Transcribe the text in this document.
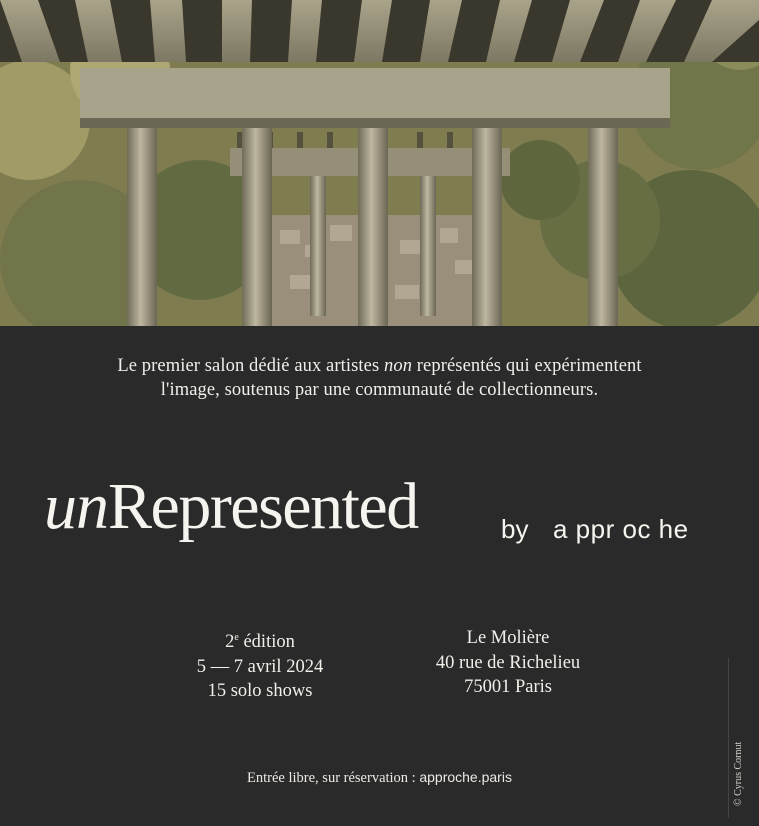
Le premier salon dédié aux artistes non représentés qui expérimentent
l'image, soutenus par une communauté de collectionneurs.
unRepresented	by a ppr oc he
2e édition
5 — 7 avril 2024
15 solo shows
Le Molière
40 rue de Richelieu
75001 Paris
Entrée libre, sur réservation : approche.paris	© Cyrus Cornut
